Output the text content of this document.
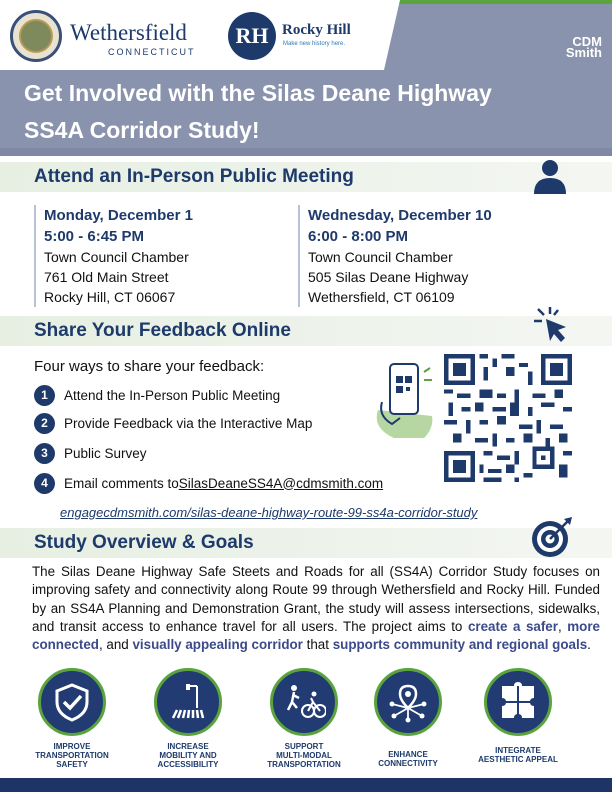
Wethersfield
CONNECTICUT
RH Rocky Hill
Make new history here.	CDM
Smith
Get Involved with the Silas Deane Highway
SS4A Corridor Study!
Attend an In-Person Public Meeting
Monday, December 1
5:00 - 6:45 PM
Town Council Chamber
761 Old Main Street
Rocky Hill, CT 06067
Wednesday, December 10
6:00 - 8:00 PM
Town Council Chamber
505 Silas Deane Highway
Wethersfield, CT 06109
Share Your Feedback Online
Four ways to share your feedback:
1	Attend the In-Person Public Meeting
2	Provide Feedback via the Interactive Map
3	Public Survey
4	Email comments to SilasDeaneSS4A@cdmsmith.com
engagecdmsmith.com/silas-deane-highway-route-99-ss4a-corridor-study
Study Overview & Goals
The Silas Deane Highway Safe Steets and Roads for all (SS4A) Corridor Study focuses on improving safety and connectivity along Route 99 through Wethersfield and Rocky Hill. Funded by an SS4A Planning and Demonstration Grant, the study will assess intersections, sidewalks, and transit access to enhance travel for all users. The project aims to create a safer, more connected, and visually appealing corridor that supports community and regional goals.
IMPROVE
TRANSPORTATION
SAFETY
INCREASE
MOBILITY AND
ACCESSIBILITY
SUPPORT
MULTI-MODAL
TRANSPORTATION
ENHANCE
CONNECTIVITY
INTEGRATE
AESTHETIC APPEAL
